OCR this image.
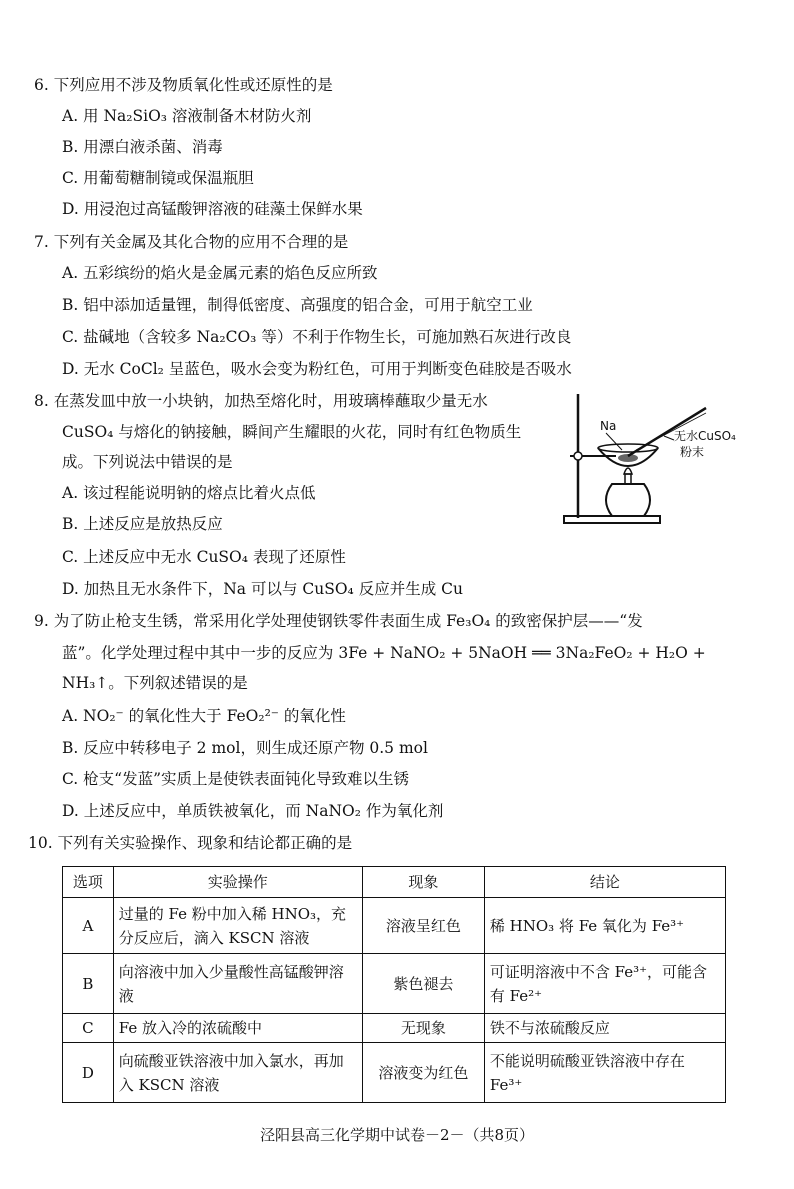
6. 下列应用不涉及物质氧化性或还原性的是
A. 用 Na₂SiO₃ 溶液制备木材防火剂
B. 用漂白液杀菌、消毒
C. 用葡萄糖制镜或保温瓶胆
D. 用浸泡过高锰酸钾溶液的硅藻土保鲜水果
7. 下列有关金属及其化合物的应用不合理的是
A. 五彩缤纷的焰火是金属元素的焰色反应所致
B. 铝中添加适量锂，制得低密度、高强度的铝合金，可用于航空工业
C. 盐碱地（含较多 Na₂CO₃ 等）不利于作物生长，可施加熟石灰进行改良
D. 无水 CoCl₂ 呈蓝色，吸水会变为粉红色，可用于判断变色硅胶是否吸水
8. 在蒸发皿中放一小块钠，加热至熔化时，用玻璃棒蘸取少量无水
CuSO₄ 与熔化的钠接触，瞬间产生耀眼的火花，同时有红色物质生
成。下列说法中错误的是
A. 该过程能说明钠的熔点比着火点低
B. 上述反应是放热反应
C. 上述反应中无水 CuSO₄ 表现了还原性
D. 加热且无水条件下，Na 可以与 CuSO₄ 反应并生成 Cu
Na
无水CuSO₄
粉末
9. 为了防止枪支生锈，常采用化学处理使钢铁零件表面生成 Fe₃O₄ 的致密保护层——“发
蓝”。化学处理过程中其中一步的反应为 3Fe + NaNO₂ + 5NaOH ══ 3Na₂FeO₂ + H₂O +
NH₃↑。下列叙述错误的是
A. NO₂⁻ 的氧化性大于 FeO₂²⁻ 的氧化性
B. 反应中转移电子 2 mol，则生成还原产物 0.5 mol
C. 枪支“发蓝”实质上是使铁表面钝化导致难以生锈
D. 上述反应中，单质铁被氧化，而 NaNO₂ 作为氧化剂
10. 下列有关实验操作、现象和结论都正确的是
选项	实验操作	现象	结论
A	过量的 Fe 粉中加入稀 HNO₃，充分反应后，滴入 KSCN 溶液	溶液呈红色	稀 HNO₃ 将 Fe 氧化为 Fe³⁺
B	向溶液中加入少量酸性高锰酸钾溶液	紫色褪去	可证明溶液中不含 Fe³⁺，可能含有 Fe²⁺
C	Fe 放入冷的浓硫酸中	无现象	铁不与浓硫酸反应
D	向硫酸亚铁溶液中加入氯水，再加入 KSCN 溶液	溶液变为红色	不能说明硫酸亚铁溶液中存在 Fe³⁺
泾阳县高三化学期中试卷－2－（共8页）
